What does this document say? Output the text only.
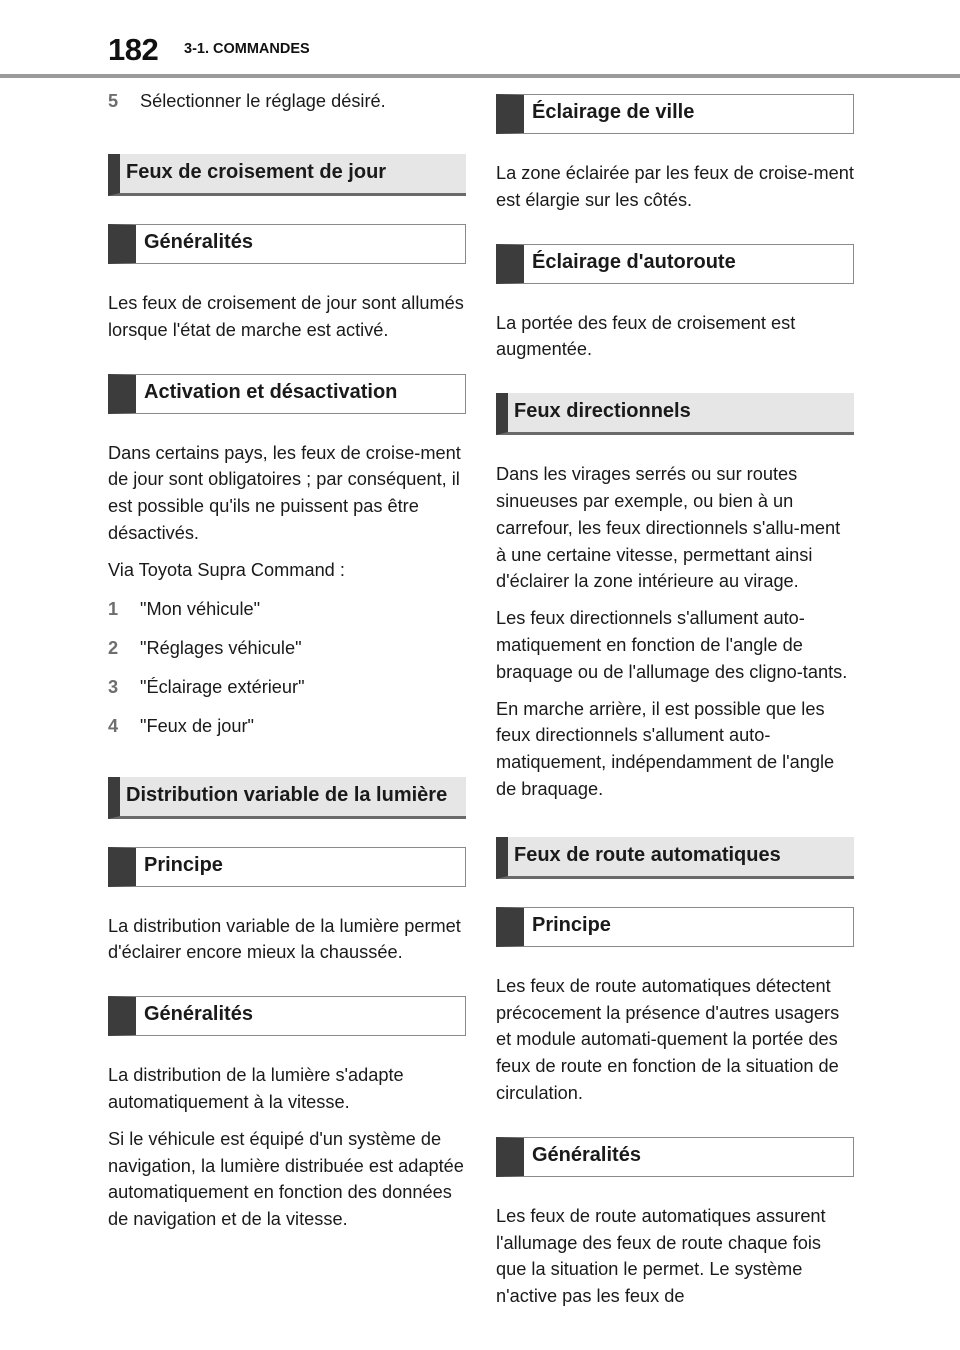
182 3-1. COMMANDES
5	Sélectionner le réglage désiré.
Feux de croisement de jour
Généralités

Les feux de croisement de jour sont allumés lorsque l'état de marche est activé.

Activation et désactivation

Dans certains pays, les feux de croise-ment de jour sont obligatoires ; par conséquent, il est possible qu'ils ne puissent pas être désactivés.

Via Toyota Supra Command :

1	"Mon véhicule"
2	"Réglages véhicule"
3	"Éclairage extérieur"
4	"Feux de jour"
Distribution variable de la lumière
Principe

La distribution variable de la lumière permet d'éclairer encore mieux la chaussée.

Généralités

La distribution de la lumière s'adapte automatiquement à la vitesse.

Si le véhicule est équipé d'un système de navigation, la lumière distribuée est adaptée automatiquement en fonction des données de navigation et de la vitesse.

Éclairage de ville

La zone éclairée par les feux de croise-ment est élargie sur les côtés.

Éclairage d'autoroute

La portée des feux de croisement est augmentée.

Feux directionnels

Dans les virages serrés ou sur routes sinueuses par exemple, ou bien à un carrefour, les feux directionnels s'allu-ment à une certaine vitesse, permettant ainsi d'éclairer la zone intérieure au virage.

Les feux directionnels s'allument auto-matiquement en fonction de l'angle de braquage ou de l'allumage des cligno-tants.

En marche arrière, il est possible que les feux directionnels s'allument auto-matiquement, indépendamment de l'angle de braquage.

Feux de route automatiques
Principe

Les feux de route automatiques détectent précocement la présence d'autres usagers et module automati-quement la portée des feux de route en fonction de la situation de circulation.

Généralités

Les feux de route automatiques assurent l'allumage des feux de route chaque fois que la situation le permet. Le système n'active pas les feux de
